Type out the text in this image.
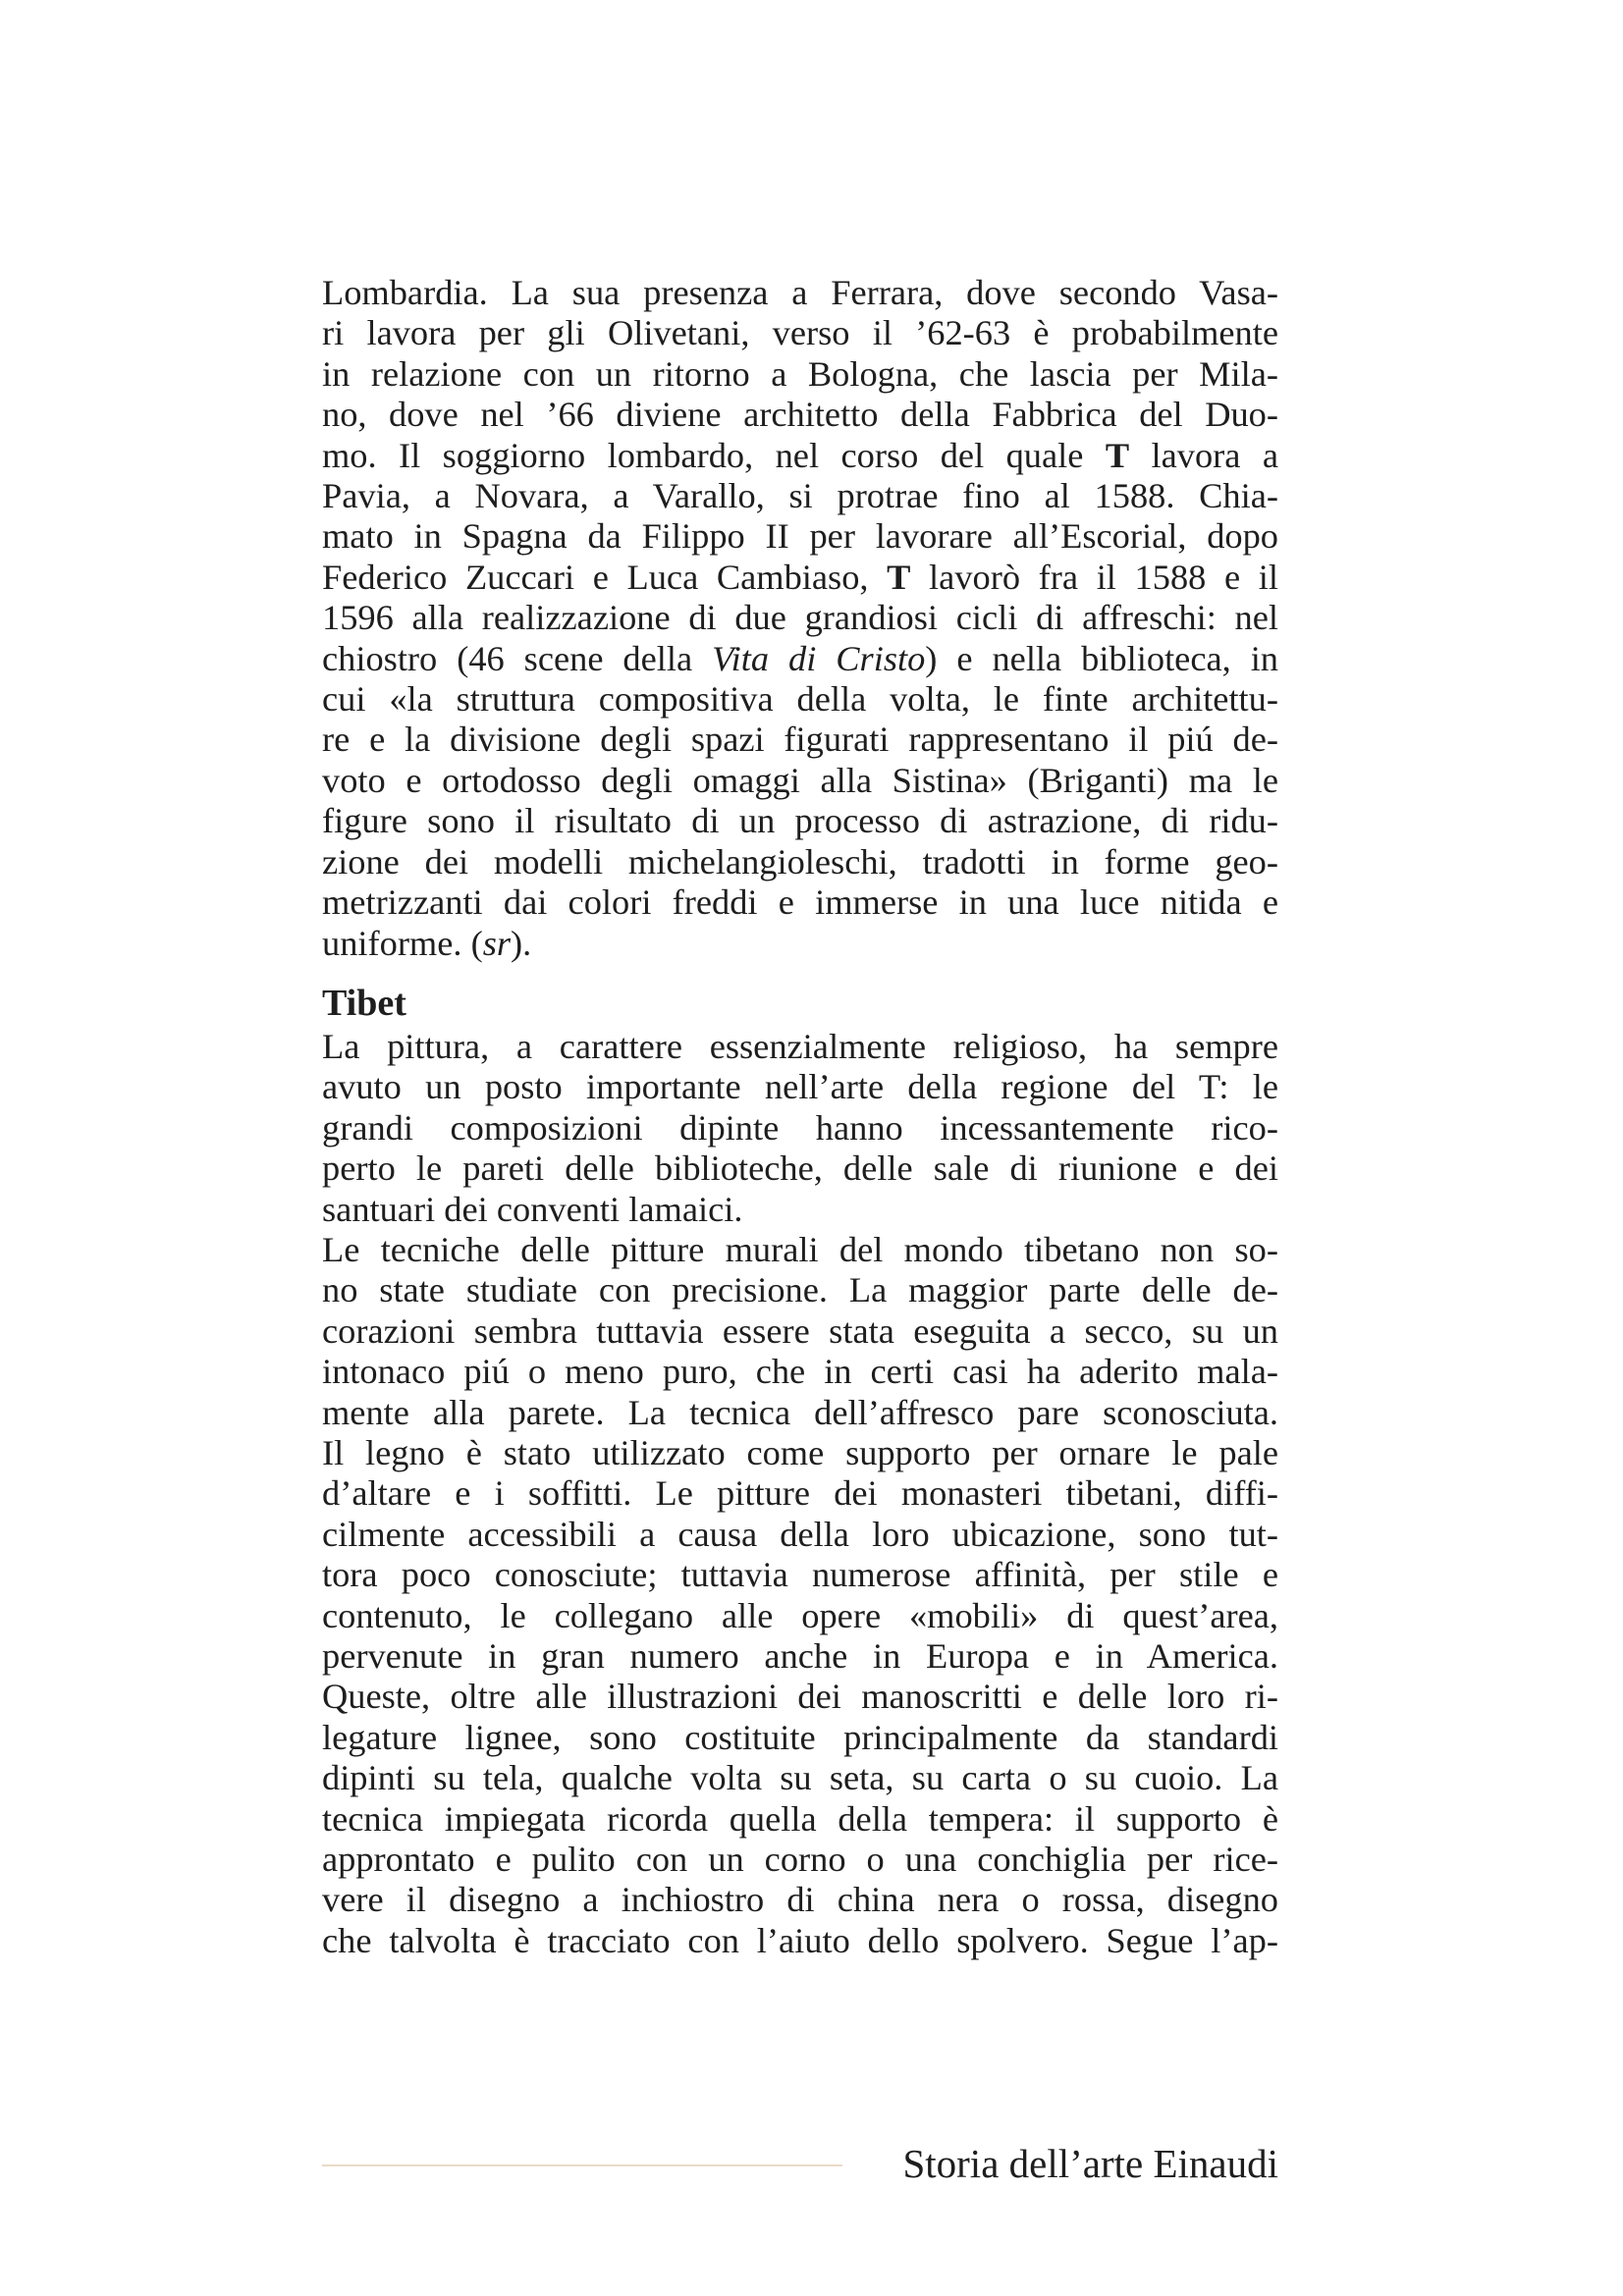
Lombardia. La sua presenza a Ferrara, dove secondo Vasa-
ri lavora per gli Olivetani, verso il ’62-63 è probabilmente
in relazione con un ritorno a Bologna, che lascia per Mila-
no, dove nel ’66 diviene architetto della Fabbrica del Duo-
mo. Il soggiorno lombardo, nel corso del quale T lavora a
Pavia, a Novara, a Varallo, si protrae fino al 1588. Chia-
mato in Spagna da Filippo II per lavorare all’Escorial, dopo
Federico Zuccari e Luca Cambiaso, T lavorò fra il 1588 e il
1596 alla realizzazione di due grandiosi cicli di affreschi: nel
chiostro (46 scene della Vita di Cristo) e nella biblioteca, in
cui «la struttura compositiva della volta, le finte architettu-
re e la divisione degli spazi figurati rappresentano il piú de-
voto e ortodosso degli omaggi alla Sistina» (Briganti) ma le
figure sono il risultato di un processo di astrazione, di ridu-
zione dei modelli michelangioleschi, tradotti in forme geo-
metrizzanti dai colori freddi e immerse in una luce nitida e
uniforme. (sr).
Tibet
La pittura, a carattere essenzialmente religioso, ha sempre
avuto un posto importante nell’arte della regione del T: le
grandi composizioni dipinte hanno incessantemente rico-
perto le pareti delle biblioteche, delle sale di riunione e dei
santuari dei conventi lamaici.
Le tecniche delle pitture murali del mondo tibetano non so-
no state studiate con precisione. La maggior parte delle de-
corazioni sembra tuttavia essere stata eseguita a secco, su un
intonaco piú o meno puro, che in certi casi ha aderito mala-
mente alla parete. La tecnica dell’affresco pare sconosciuta.
Il legno è stato utilizzato come supporto per ornare le pale
d’altare e i soffitti. Le pitture dei monasteri tibetani, diffi-
cilmente accessibili a causa della loro ubicazione, sono tut-
tora poco conosciute; tuttavia numerose affinità, per stile e
contenuto, le collegano alle opere «mobili» di quest’area,
pervenute in gran numero anche in Europa e in America.
Queste, oltre alle illustrazioni dei manoscritti e delle loro ri-
legature lignee, sono costituite principalmente da standardi
dipinti su tela, qualche volta su seta, su carta o su cuoio. La
tecnica impiegata ricorda quella della tempera: il supporto è
approntato e pulito con un corno o una conchiglia per rice-
vere il disegno a inchiostro di china nera o rossa, disegno
che talvolta è tracciato con l’aiuto dello spolvero. Segue l’ap-
Storia dell’arte Einaudi
